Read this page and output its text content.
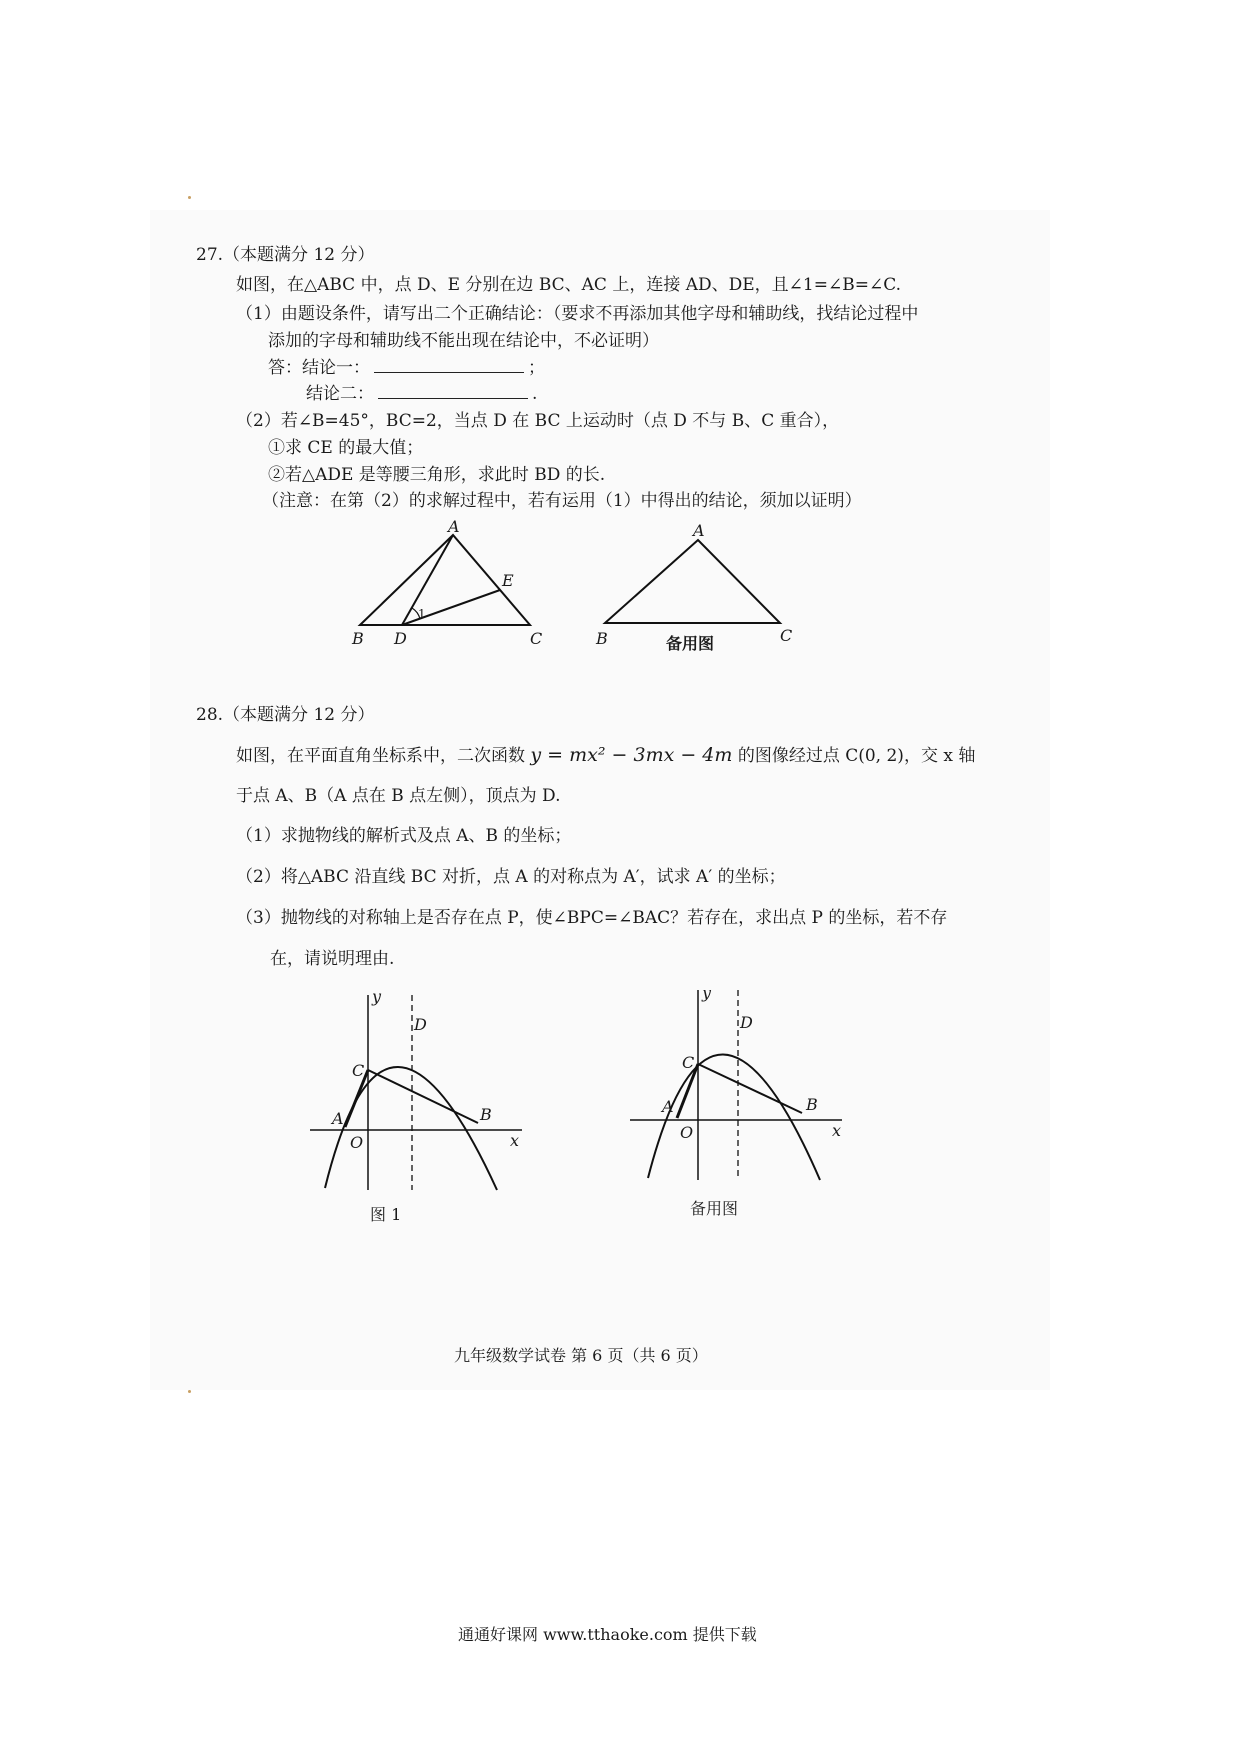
27.（本题满分 12 分）
如图，在△ABC 中，点 D、E 分别在边 BC、AC 上，连接 AD、DE，且∠1=∠B=∠C.
（1）由题设条件，请写出二个正确结论：（要求不再添加其他字母和辅助线，找结论过程中
添加的字母和辅助线不能出现在结论中，不必证明）
答：结论一：	；
结论二：	.
（2）若∠B=45°，BC=2，当点 D 在 BC 上运动时（点 D 不与 B、C 重合），
①求 CE 的最大值；
②若△ADE 是等腰三角形，求此时 BD 的长.
（注意：在第（2）的求解过程中，若有运用（1）中得出的结论，须加以证明）
A
B D	C
E
1
A
B	C
备用图
28.（本题满分 12 分）
如图，在平面直角坐标系中，二次函数 y = mx² − 3mx − 4m 的图像经过点 C(0, 2)，交 x 轴
于点 A、B（A 点在 B 点左侧），顶点为 D.
（1）求抛物线的解析式及点 A、B 的坐标；
（2）将△ABC 沿直线 BC 对折，点 A 的对称点为 A′，试求 A′ 的坐标；
（3）抛物线的对称轴上是否存在点 P，使∠BPC=∠BAC？若存在，求出点 P 的坐标，若不存
在，请说明理由.
y
x
O
A	B
C
D
图 1
y
x
O
A	B
C
D
备用图
九年级数学试卷 第 6 页（共 6 页）
通通好课网 www.tthaoke.com 提供下载
